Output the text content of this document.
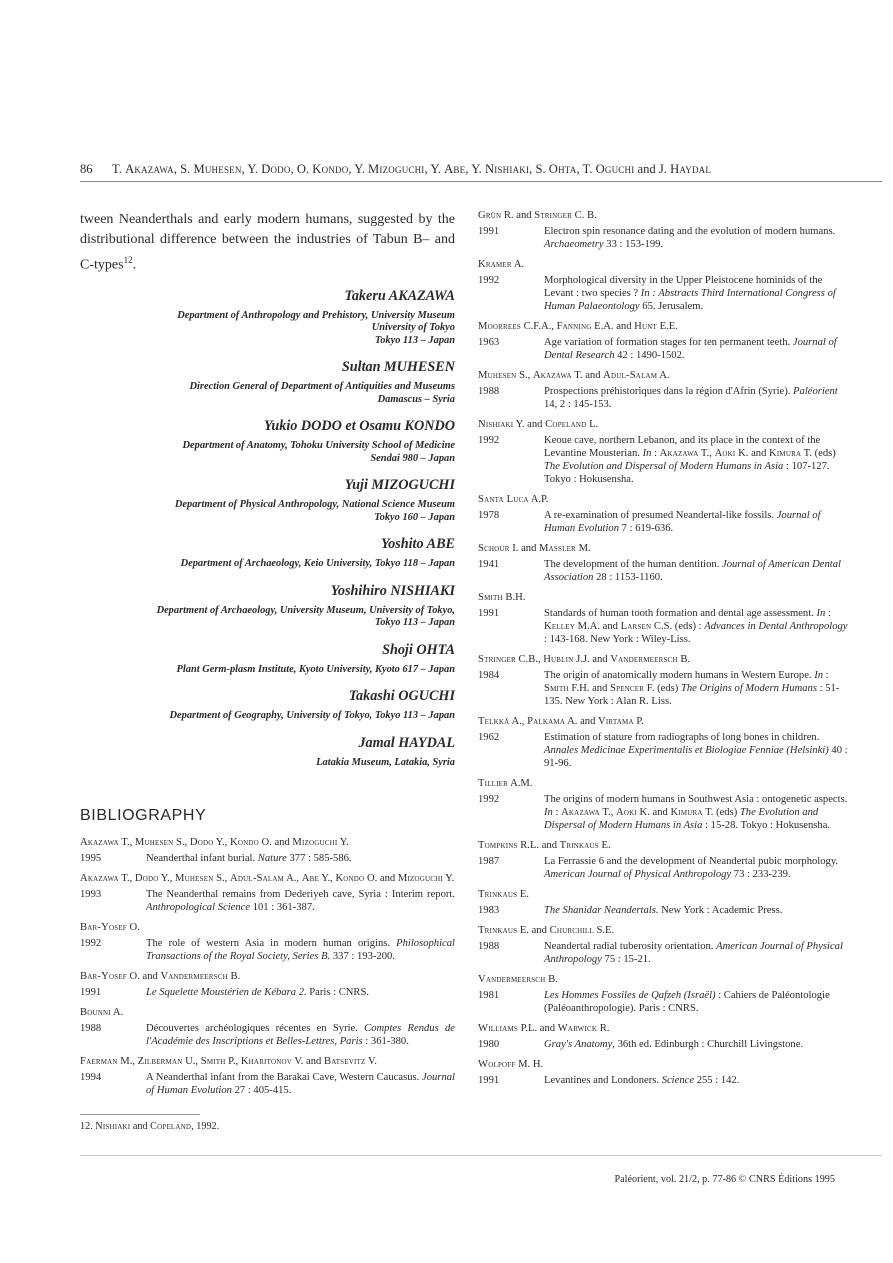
86 T. Akazawa, S. Muhesen, Y. Dodo, O. Kondo, Y. Mizoguchi, Y. Abe, Y. Nishiaki, S. Ohta, T. Oguchi and J. Haydal

tween Neanderthals and early modern humans, suggested by the distributional difference between the industries of Tabun B– and C-types$^{12}$.

Takeru AKAZAWA
Department of Anthropology and Prehistory, University Museum
University of Tokyo
Tokyo 113 – Japan
Sultan MUHESEN
Direction General of Department of Antiquities and Museums
Damascus – Syria
Yukio DODO et Osamu KONDO
Department of Anatomy, Tohoku University School of Medicine
Sendai 980 – Japan
Yuji MIZOGUCHI
Department of Physical Anthropology, National Science Museum
Tokyo 160 – Japan
Yoshito ABE
Department of Archaeology, Keio University, Tokyo 118 – Japan
Yoshihiro NISHIAKI
Department of Archaeology, University Museum, University of Tokyo,
Tokyo 113 – Japan
Shoji OHTA
Plant Germ-plasm Institute, Kyoto University, Kyoto 617 – Japan
Takashi OGUCHI
Department of Geography, University of Tokyo, Tokyo 113 – Japan
Jamal HAYDAL
Latakia Museum, Latakia, Syria
BIBLIOGRAPHY
Akazawa T., Muhesen S., Dodo Y., Kondo O. and Mizoguchi Y.
1995	Neanderthal infant burial. Nature 377 : 585-586.
Akazawa T., Dodo Y., Muhesen S., Adul-Salam A., Abe Y., Kondo O. and Mizoguchi Y.
1993	The Neanderthal remains from Dederiyeh cave, Syria : Interim report. Anthropological Science 101 : 361-387.
Bar-Yosef O.
1992	The role of western Asia in modern human origins. Philosophical Transactions of the Royal Society, Series B. 337 : 193-200.
Bar-Yosef O. and Vandermeersch B.
1991	Le Squelette Moustérien de Kébara 2. Paris : CNRS.
Bounni A.
1988	Découvertes archéologiques récentes en Syrie. Comptes Rendus de l'Académie des Inscriptions et Belles-Lettres, Paris : 361-380.
Faerman M., Zilberman U., Smith P., Kharitonov V. and Batsevitz V.
1994	A Neanderthal infant from the Barakai Cave, Western Caucasus. Journal of Human Evolution 27 : 405-415.
Grün R. and Stringer C. B.
1991	Electron spin resonance dating and the evolution of modern humans. Archaeometry 33 : 153-199.
Kramer A.
1992	Morphological diversity in the Upper Pleistocene hominids of the Levant : two species ? In : Abstracts Third International Congress of Human Palaeontology 65. Jerusalem.
Moorrees C.F.A., Fanning E.A. and Hunt E.E.
1963	Age variation of formation stages for ten permanent teeth. Journal of Dental Research 42 : 1490-1502.
Muhesen S., Akazawa T. and Adul-Salam A.
1988	Prospections préhistoriques dans la région d'Afrin (Syrie). Paléorient 14, 2 : 145-153.
Nishiaki Y. and Copeland L.
1992	Keoue cave, northern Lebanon, and its place in the context of the Levantine Mousterian. In : Akazawa T., Aoki K. and Kimura T. (eds) The Evolution and Dispersal of Modern Humans in Asia : 107-127. Tokyo : Hokusensha.
Santa Luca A.P.
1978	A re-examination of presumed Neandertal-like fossils. Journal of Human Evolution 7 : 619-636.
Schour I. and Massler M.
1941	The development of the human dentition. Journal of American Dental Association 28 : 1153-1160.
Smith B.H.
1991	Standards of human tooth formation and dental age assessment. In : Kelley M.A. and Larsen C.S. (eds) : Advances in Dental Anthropology : 143-168. New York : Wiley-Liss.
Stringer C.B., Hublin J.J. and Vandermeersch B.
1984	The origin of anatomically modern humans in Western Europe. In : Smith F.H. and Spencer F. (eds) The Origins of Modern Humans : 51-135. New York : Alan R. Liss.
Telkkä A., Palkama A. and Virtama P.
1962	Estimation of stature from radiographs of long bones in children. Annales Medicinae Experimentalis et Biologiae Fenniae (Helsinki) 40 : 91-96.
Tillier A.M.
1992	The origins of modern humans in Southwest Asia : ontogenetic aspects. In : Akazawa T., Aoki K. and Kimura T. (eds) The Evolution and Dispersal of Modern Humans in Asia : 15-28. Tokyo : Hokusensha.
Tompkins R.L. and Trinkaus E.
1987	La Ferrassie 6 and the development of Neandertal pubic morphology. American Journal of Physical Anthropology 73 : 233-239.
Trinkaus E.
1983	The Shanidar Neandertals. New York : Academic Press.
Trinkaus E. and Churchill S.E.
1988	Neandertal radial tuberosity orientation. American Journal of Physical Anthropology 75 : 15-21.
Vandermeersch B.
1981	Les Hommes Fossiles de Qafzeh (Israël) : Cahiers de Paléontologie (Paléoanthropologie). Paris : CNRS.
Williams P.L. and Warwick R.
1980	Gray's Anatomy, 36th ed. Edinburgh : Churchill Livingstone.
Wolpoff M. H.
1991	Levantines and Londoners. Science 255 : 142.
12. Nishiaki and Copeland, 1992.
Paléorient, vol. 21/2, p. 77-86 © CNRS Éditions 1995
